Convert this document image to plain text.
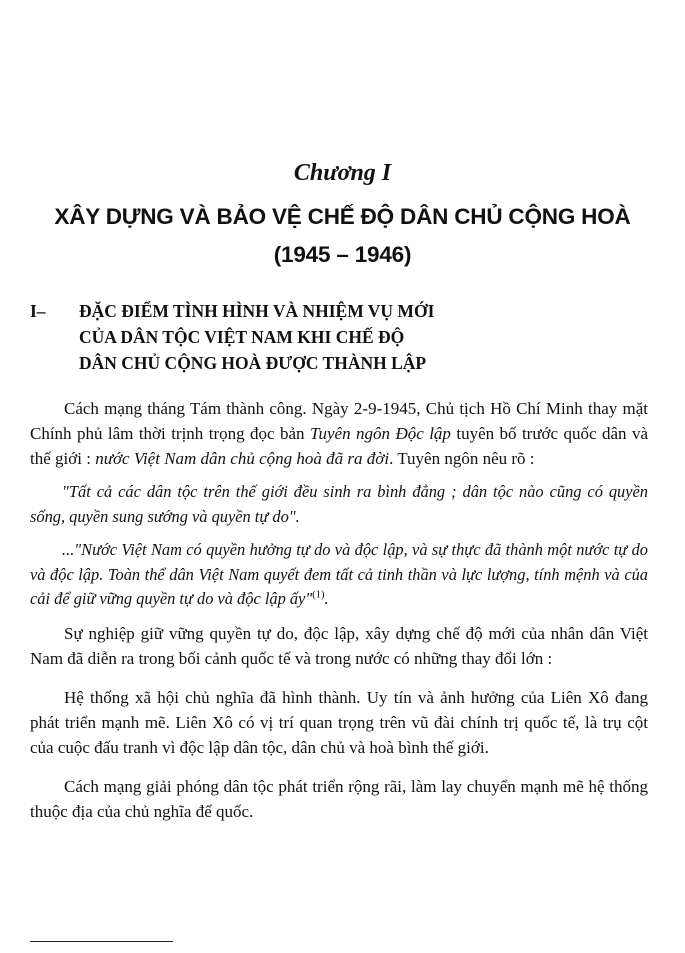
Chương I
XÂY DỰNG VÀ BẢO VỆ CHẾ ĐỘ DÂN CHỦ CỘNG HOÀ
(1945 – 1946)
I– ĐẶC ĐIỂM TÌNH HÌNH VÀ NHIỆM VỤ MỚI
CỦA DÂN TỘC VIỆT NAM KHI CHẾ ĐỘ
DÂN CHỦ CỘNG HOÀ ĐƯỢC THÀNH LẬP

Cách mạng tháng Tám thành công. Ngày 2-9-1945, Chủ tịch Hồ Chí Minh thay mặt Chính phủ lâm thời trịnh trọng đọc bản Tuyên ngôn Độc lập tuyên bố trước quốc dân và thế giới : nước Việt Nam dân chủ cộng hoà đã ra đời. Tuyên ngôn nêu rõ :

"Tất cả các dân tộc trên thế giới đều sinh ra bình đẳng ; dân tộc nào cũng có quyền sống, quyền sung sướng và quyền tự do".

..."Nước Việt Nam có quyền hưởng tự do và độc lập, và sự thực đã thành một nước tự do và độc lập. Toàn thể dân Việt Nam quyết đem tất cả tinh thần và lực lượng, tính mệnh và của cải để giữ vững quyền tự do và độc lập ấy"$^{(1)}$.

Sự nghiệp giữ vững quyền tự do, độc lập, xây dựng chế độ mới của nhân dân Việt Nam đã diễn ra trong bối cảnh quốc tế và trong nước có những thay đổi lớn :

Hệ thống xã hội chủ nghĩa đã hình thành. Uy tín và ảnh hưởng của Liên Xô đang phát triển mạnh mẽ. Liên Xô có vị trí quan trọng trên vũ đài chính trị quốc tế, là trụ cột của cuộc đấu tranh vì độc lập dân tộc, dân chủ và hoà bình thế giới.

Cách mạng giải phóng dân tộc phát triển rộng rãi, làm lay chuyển mạnh mẽ hệ thống thuộc địa của chủ nghĩa đế quốc.
